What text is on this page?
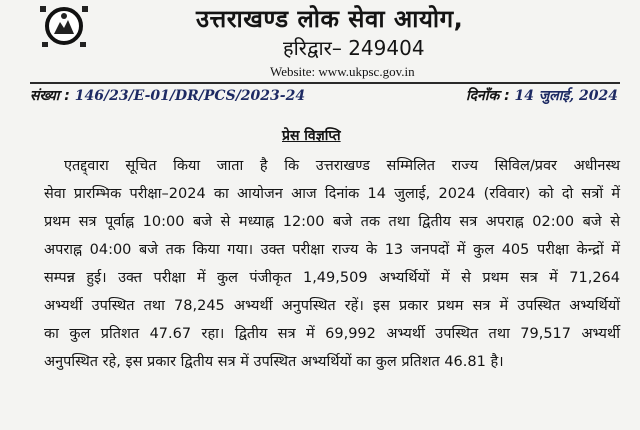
उत्तराखण्ड लोक सेवा आयोग,
हरिद्वार– 249404
Website: www.ukpsc.gov.in
संख्या : 146/23/E-01/DR/PCS/2023-24	दिनाँक : 14 जुलाई, 2024
प्रेस विज्ञप्ति
एतद्द्वारा सूचित किया जाता है कि उत्तराखण्ड सम्मिलित राज्य सिविल/प्रवर अधीनस्थ
सेवा प्रारम्भिक परीक्षा–2024 का आयोजन आज दिनांक 14 जुलाई, 2024 (रविवार) को दो सत्रों में
प्रथम सत्र पूर्वाह्न 10:00 बजे से मध्याह्न 12:00 बजे तक तथा द्वितीय सत्र अपराह्न 02:00 बजे से
अपराह्न 04:00 बजे तक किया गया। उक्त परीक्षा राज्य के 13 जनपदों में कुल 405 परीक्षा केन्द्रों में
सम्पन्न हुई। उक्त परीक्षा में कुल पंजीकृत 1,49,509 अभ्यर्थियों में से प्रथम सत्र में 71,264
अभ्यर्थी उपस्थित तथा 78,245 अभ्यर्थी अनुपस्थित रहें। इस प्रकार प्रथम सत्र में उपस्थित अभ्यर्थियों
का कुल प्रतिशत 47.67 रहा। द्वितीय सत्र में 69,992 अभ्यर्थी उपस्थित तथा 79,517 अभ्यर्थी
अनुपस्थित रहे, इस प्रकार द्वितीय सत्र में उपस्थित अभ्यर्थियों का कुल प्रतिशत 46.81 है।
